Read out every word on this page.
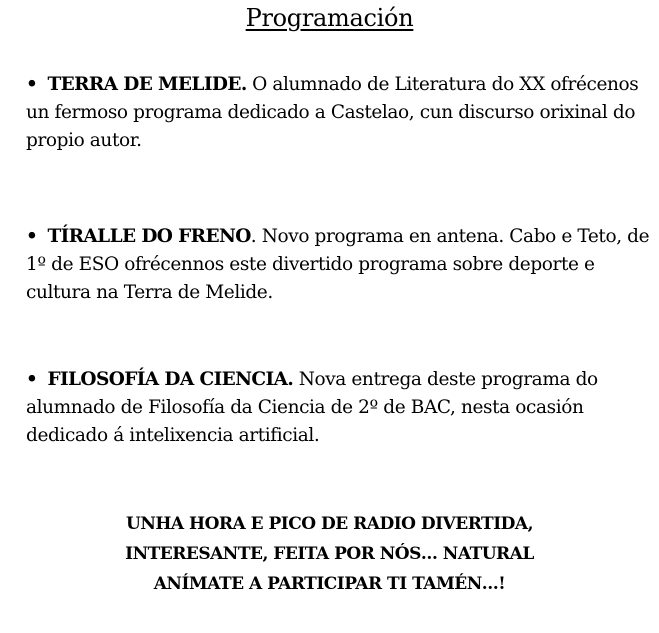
Programación
• TERRA DE MELIDE. O alumnado de Literatura do XX ofrécenos un fermoso programa dedicado a Castelao, cun discurso orixinal do propio autor.
• TÍRALLE DO FRENO. Novo programa en antena. Cabo e Teto, de 1º de ESO ofrécennos este divertido programa sobre deporte e cultura na Terra de Melide.
• FILOSOFÍA DA CIENCIA. Nova entrega deste programa do alumnado de Filosofía da Ciencia de 2º de BAC, nesta ocasión dedicado á intelixencia artificial.
UNHA HORA E PICO DE RADIO DIVERTIDA,
INTERESANTE, FEITA POR NÓS… NATURAL
ANÍMATE A PARTICIPAR TI TAMÉN…!
